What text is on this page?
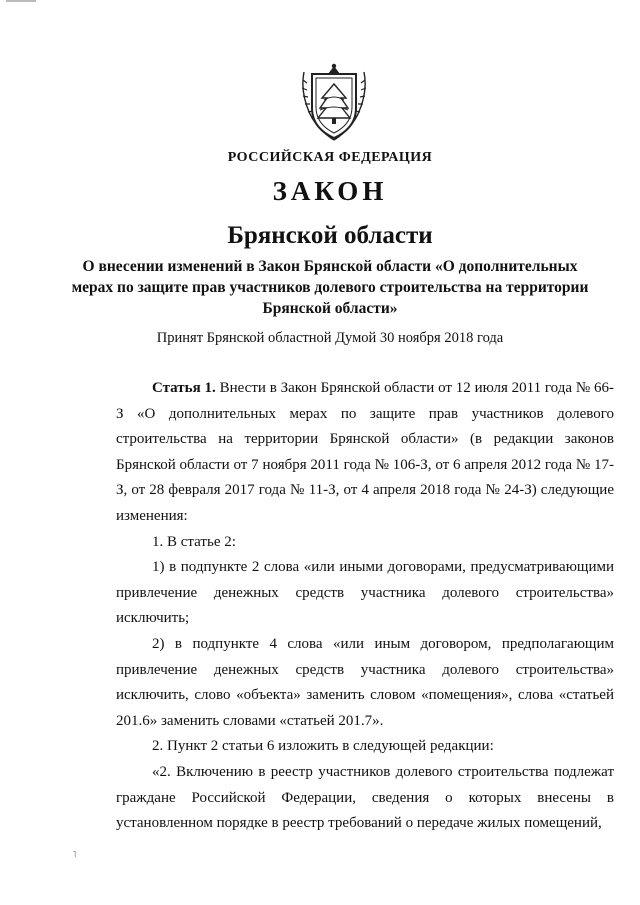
РОССИЙСКАЯ ФЕДЕРАЦИЯ
ЗАКОН
Брянской области
О внесении изменений в Закон Брянской области «О дополнительных мерах по защите прав участников долевого строительства на территории Брянской области»
Принят Брянской областной Думой 30 ноября 2018 года

Статья 1. Внести в Закон Брянской области от 12 июля 2011 года № 66-З «О дополнительных мерах по защите прав участников долевого строительства на территории Брянской области» (в редакции законов Брянской области от 7 ноября 2011 года № 106-З, от 6 апреля 2012 года № 17-З, от 28 февраля 2017 года № 11-З, от 4 апреля 2018 года № 24-З) следующие изменения:

1. В статье 2:

1) в подпункте 2 слова «или иными договорами, предусматривающими привлечение денежных средств участника долевого строительства» исключить;

2) в подпункте 4 слова «или иным договором, предполагающим привлечение денежных средств участника долевого строительства» исключить, слово «объекта» заменить словом «помещения», слова «статьей 201.6» заменить словами «статьей 201.7».

2. Пункт 2 статьи 6 изложить в следующей редакции:

«2. Включению в реестр участников долевого строительства подлежат граждане Российской Федерации, сведения о которых внесены в установленном порядке в реестр требований о передаче жилых помещений,

˥
